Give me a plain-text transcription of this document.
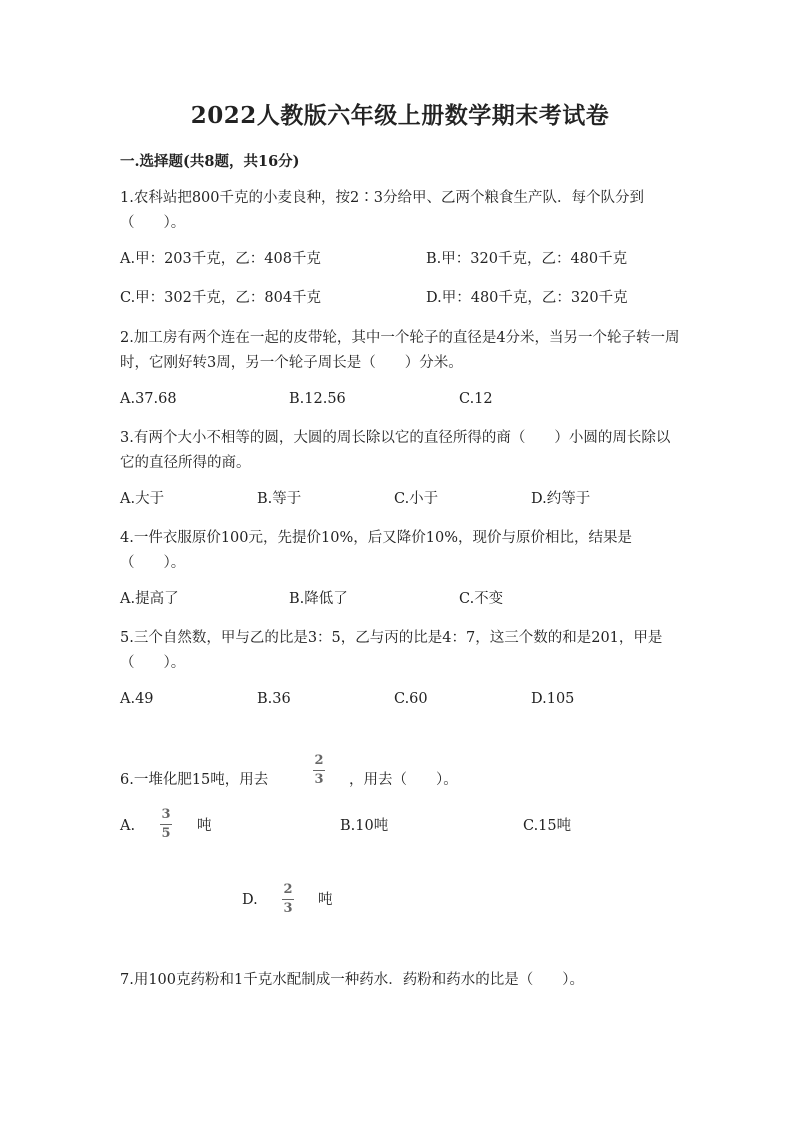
2022人教版六年级上册数学期末考试卷
一.选择题(共8题，共16分)
1.农科站把800千克的小麦良种，按2∶3分给甲、乙两个粮食生产队．每个队分到（　　）。
A.甲：203千克，乙：408千克	B.甲：320千克，乙：480千克
C.甲：302千克，乙：804千克	D.甲：480千克，乙：320千克
2.加工房有两个连在一起的皮带轮，其中一个轮子的直径是4分米，当另一个轮子转一周时，它刚好转3周，另一个轮子周长是（　　）分米。
A.37.68	B.12.56	C.12
3.有两个大小不相等的圆，大圆的周长除以它的直径所得的商（　　）小圆的周长除以它的直径所得的商。
A.大于	B.等于	C.小于	D.约等于
4.一件衣服原价100元，先提价10%，后又降价10%，现价与原价相比，结果是（　　）。
A.提高了	B.降低了	C.不变
5.三个自然数，甲与乙的比是3：5，乙与丙的比是4：7，这三个数的和是201，甲是（　　）。
A.49	B.36	C.60	D.105
6.一堆化肥15吨，用去
2
3 ，用去（　　）。
A.
3
5 吨	B.10吨	C.15吨
D.
2
3
吨
7.用100克药粉和1千克水配制成一种药水．药粉和药水的比是（　　）。
